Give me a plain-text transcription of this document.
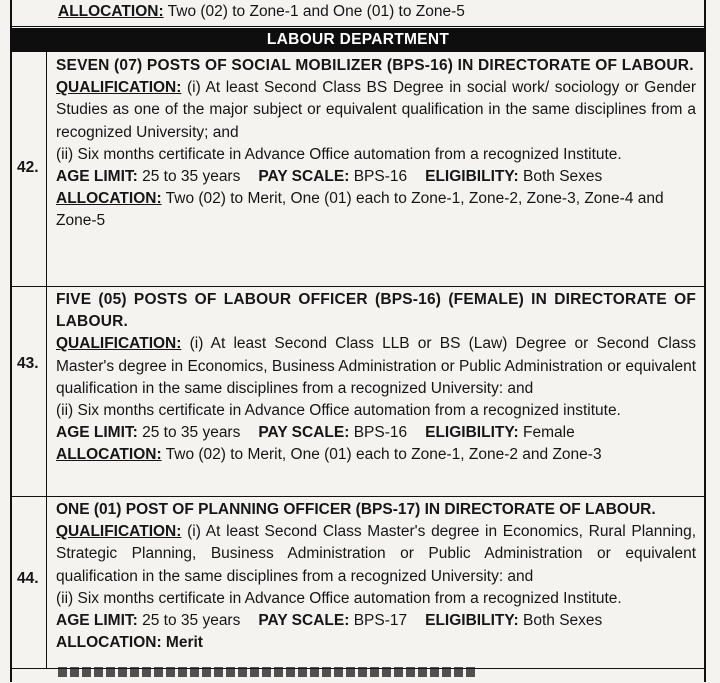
ALLOCATION: Two (02) to Zone-1 and One (01) to Zone-5
LABOUR DEPARTMENT
42.
SEVEN (07) POSTS OF SOCIAL MOBILIZER (BPS-16) IN DIRECTORATE OF LABOUR.
QUALIFICATION: (i) At least Second Class BS Degree in social work/ sociology or Gender Studies as one of the major subject or equivalent qualification in the same disciplines from a recognized University; and
(ii) Six months certificate in Advance Office automation from a recognized Institute.
AGE LIMIT: 25 to 35 years PAY SCALE: BPS-16 ELIGIBILITY: Both Sexes
ALLOCATION: Two (02) to Merit, One (01) each to Zone-1, Zone-2, Zone-3, Zone-4 and Zone-5
43.
FIVE (05) POSTS OF LABOUR OFFICER (BPS-16) (FEMALE) IN DIRECTORATE OF LABOUR.
QUALIFICATION: (i) At least Second Class LLB or BS (Law) Degree or Second Class Master's degree in Economics, Business Administration or Public Administration or equivalent qualification in the same disciplines from a recognized University: and
(ii) Six months certificate in Advance Office automation from a recognized institute.
AGE LIMIT: 25 to 35 years PAY SCALE: BPS-16 ELIGIBILITY: Female
ALLOCATION: Two (02) to Merit, One (01) each to Zone-1, Zone-2 and Zone-3
44.
ONE (01) POST OF PLANNING OFFICER (BPS-17) IN DIRECTORATE OF LABOUR.
QUALIFICATION: (i) At least Second Class Master's degree in Economics, Rural Planning, Strategic Planning, Business Administration or Public Administration or equivalent qualification in the same disciplines from a recognized University: and
(ii) Six months certificate in Advance Office automation from a recognized Institute.
AGE LIMIT: 25 to 35 years PAY SCALE: BPS-17 ELIGIBILITY: Both Sexes
ALLOCATION: Merit
